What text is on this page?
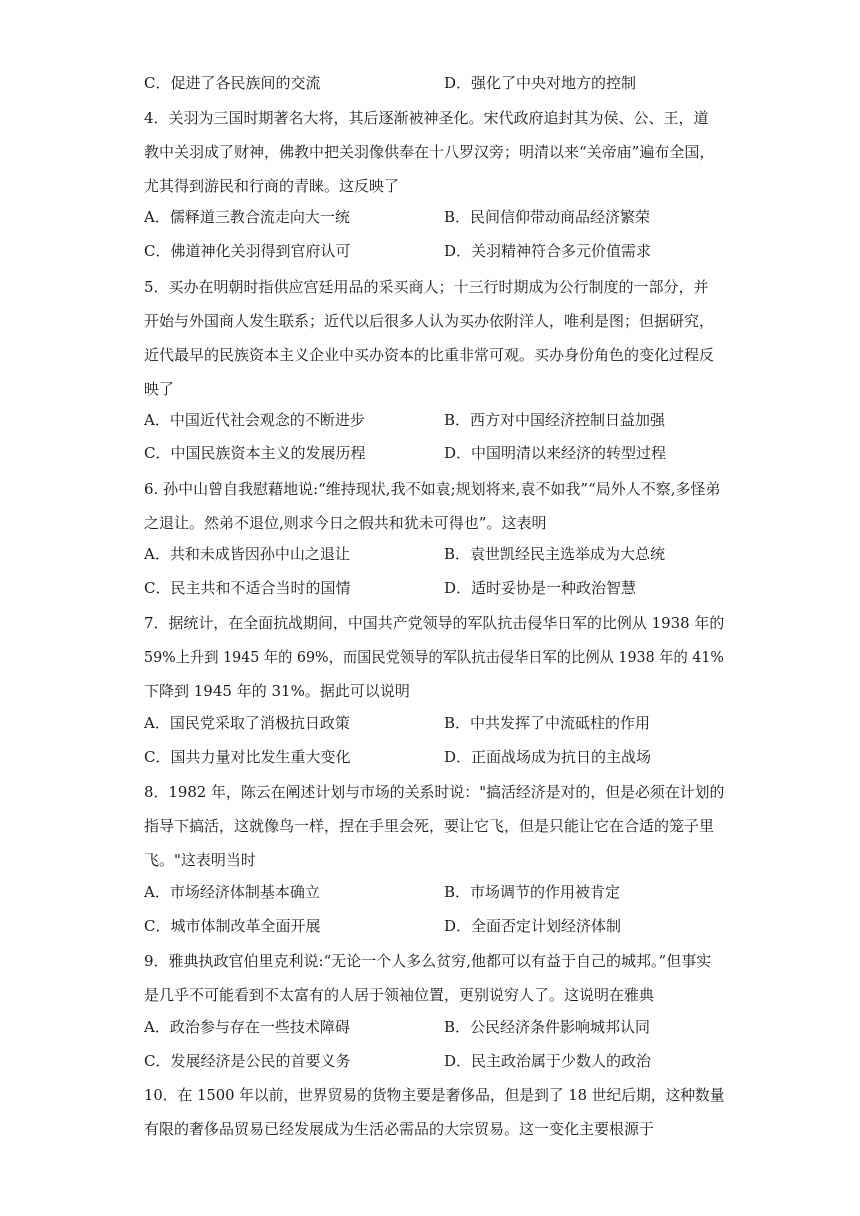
C．促进了各民族间的交流	D．强化了中央对地方的控制
4．关羽为三国时期著名大将，其后逐渐被神圣化。宋代政府追封其为侯、公、王，道
教中关羽成了财神，佛教中把关羽像供奉在十八罗汉旁；明清以来“关帝庙”遍布全国，
尤其得到游民和行商的青睐。这反映了
A．儒释道三教合流走向大一统	B．民间信仰带动商品经济繁荣
C．佛道神化关羽得到官府认可	D．关羽精神符合多元价值需求
5．买办在明朝时指供应宫廷用品的采买商人；十三行时期成为公行制度的一部分，并
开始与外国商人发生联系；近代以后很多人认为买办依附洋人，唯利是图；但据研究，
近代最早的民族资本主义企业中买办资本的比重非常可观。买办身份角色的变化过程反
映了
A．中国近代社会观念的不断进步	B．西方对中国经济控制日益加强
C．中国民族资本主义的发展历程	D．中国明清以来经济的转型过程
6. 孙中山曾自我慰藉地说:“维持现状,我不如袁;规划将来,袁不如我”“局外人不察,多怪弟
之退让。然弟不退位,则求今日之假共和犹未可得也”。这表明
A．共和未成皆因孙中山之退让	B．袁世凯经民主选举成为大总统
C．民主共和不适合当时的国情	D．适时妥协是一种政治智慧
7．据统计，在全面抗战期间，中国共产党领导的军队抗击侵华日军的比例从 1938 年的
59%上升到 1945 年的 69%，而国民党领导的军队抗击侵华日军的比例从 1938 年的 41%
下降到 1945 年的 31%。据此可以说明
A．国民党采取了消极抗日政策	B．中共发挥了中流砥柱的作用
C．国共力量对比发生重大变化	D．正面战场成为抗日的主战场
8．1982 年，陈云在阐述计划与市场的关系时说："搞活经济是对的，但是必须在计划的
指导下搞活，这就像鸟一样，捏在手里会死，要让它飞，但是只能让它在合适的笼子里
飞。"这表明当时
A．市场经济体制基本确立	B．市场调节的作用被肯定
C．城市体制改革全面开展	D．全面否定计划经济体制
9．雅典执政官伯里克利说:“无论一个人多么贫穷,他都可以有益于自己的城邦。”但事实
是几乎不可能看到不太富有的人居于领袖位置，更别说穷人了。这说明在雅典
A．政治参与存在一些技术障碍	B．公民经济条件影响城邦认同
C．发展经济是公民的首要义务	D．民主政治属于少数人的政治
10．在 1500 年以前，世界贸易的货物主要是奢侈品，但是到了 18 世纪后期，这种数量
有限的奢侈品贸易已经发展成为生活必需品的大宗贸易。这一变化主要根源于
